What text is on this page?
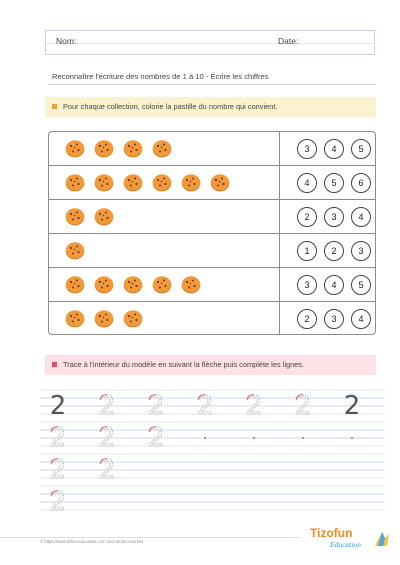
Nom:	Date:
Reconnaître l'écriture des nombres de 1 à 10 - Écrire les chiffres
Pour chaque collection, colorie la pastille du nombre qui convient.
3	4	5
4	5	6
2	3	4
1	2	3
3	4	5
2	3	4
Trace à l'intérieur du modèle en suivant la flèche puis complète les lignes.
2 2 2 2 2 2 2
2 2 2
2 2
2
© https://www.tizfun-education.com tous droits réservés
Tizofun
Education
